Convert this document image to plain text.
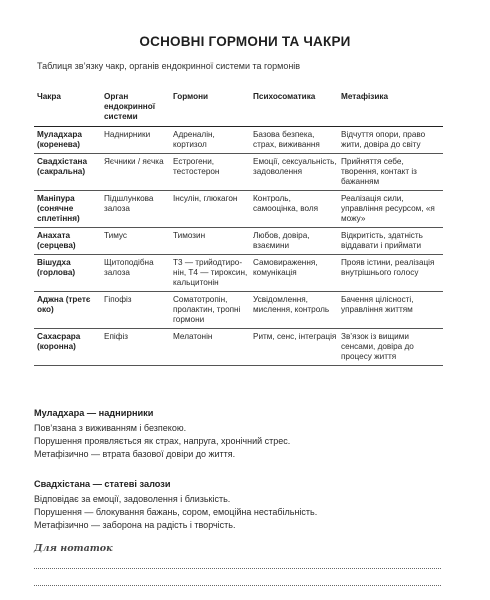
ОСНОВНІ ГОРМОНИ ТА ЧАКРИ
Таблиця зв’язку чакр, органів ендокринної системи та гормонів
Чакра	Орган ендокринної системи	Гормони	Психосоматика	Метафізика
Муладхара (коренева)	Наднирники	Адреналін, кортизол	Базова безпека, страх, виживання	Відчуття опори, право жити, довіра до світу
Свадхістана (сакральна)	Яєчники / яєчка	Естрогени, тестостерон	Емоції, сексуальність, задоволення	Прийняття себе, творення, контакт із бажанням
Маніпура (сонячне сплетіння)	Підшлункова залоза	Інсулін, глюкагон	Контроль, самооцінка, воля	Реалізація сили, управління ресурсом, «я можу»
Анахата (серцева)	Тимус	Тимозин	Любов, довіра, взаємини	Відкритість, здатність віддавати і приймати
Вішудха (горлова)	Щитоподібна залоза	Т3 — трийодтиро-нін, Т4 — тироксин, кальцитонін	Самовираження, комунікація	Прояв істини, реалізація внутрішнього голосу
Аджна (третє око)	Гіпофіз	Соматотропін, пролактин, тропні гормони	Усвідомлення, мислення, контроль	Бачення цілісності, управління життям
Сахасрара (коронна)	Епіфіз	Мелатонін	Ритм, сенс, інтеграція	Зв’язок із вищими сенсами, довіра до процесу життя
Муладхара — наднирники
Пов’язана з виживанням і безпекою.
Порушення проявляється як страх, напруга, хронічний стрес.
Метафізично — втрата базової довіри до життя.
Свадхістана — статеві залози
Відповідає за емоції, задоволення і близькість.
Порушення — блокування бажань, сором, емоційна нестабільність.
Метафізично — заборона на радість і творчість.
Для нотаток
